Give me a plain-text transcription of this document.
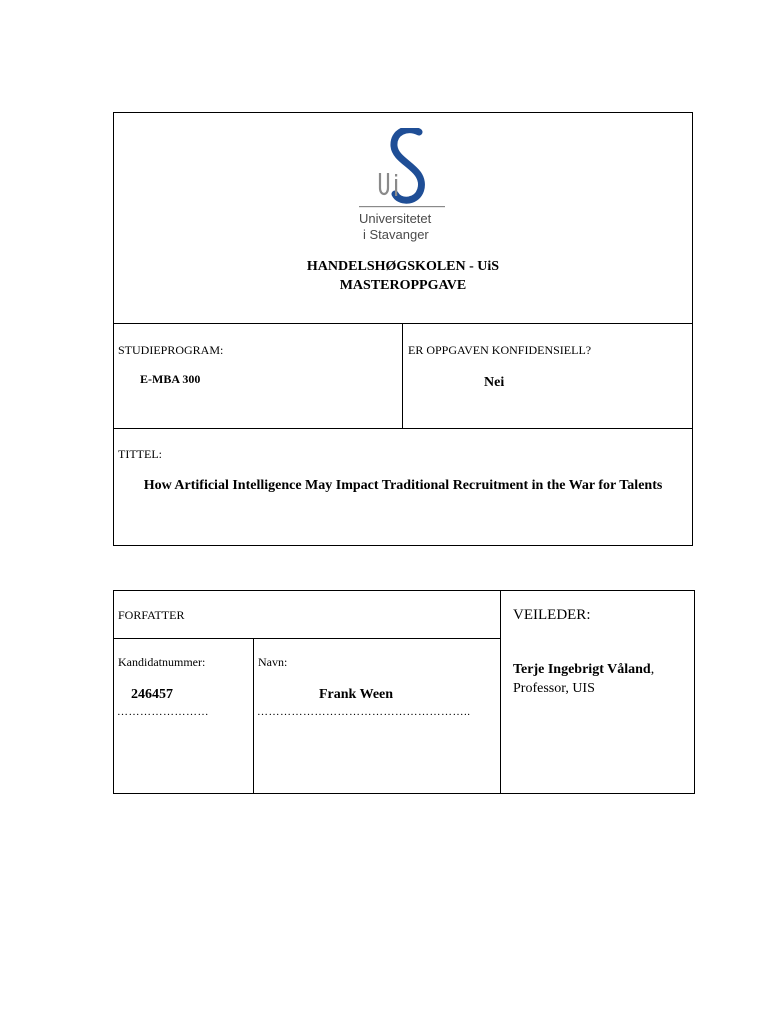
Universitetet
i Stavanger
HANDELSHØGSKOLEN - UiS
MASTEROPPGAVE
STUDIEPROGRAM:
E-MBA 300
ER OPPGAVEN KONFIDENSIELL?
Nei
TITTEL:
How Artificial Intelligence May Impact Traditional Recruitment in the War for Talents
FORFATTER
Kandidatnummer:
246457
……………………
Navn:
Frank Ween
………………………………………………..
VEILEDER:
Terje Ingebrigt Våland,
Professor, UIS
